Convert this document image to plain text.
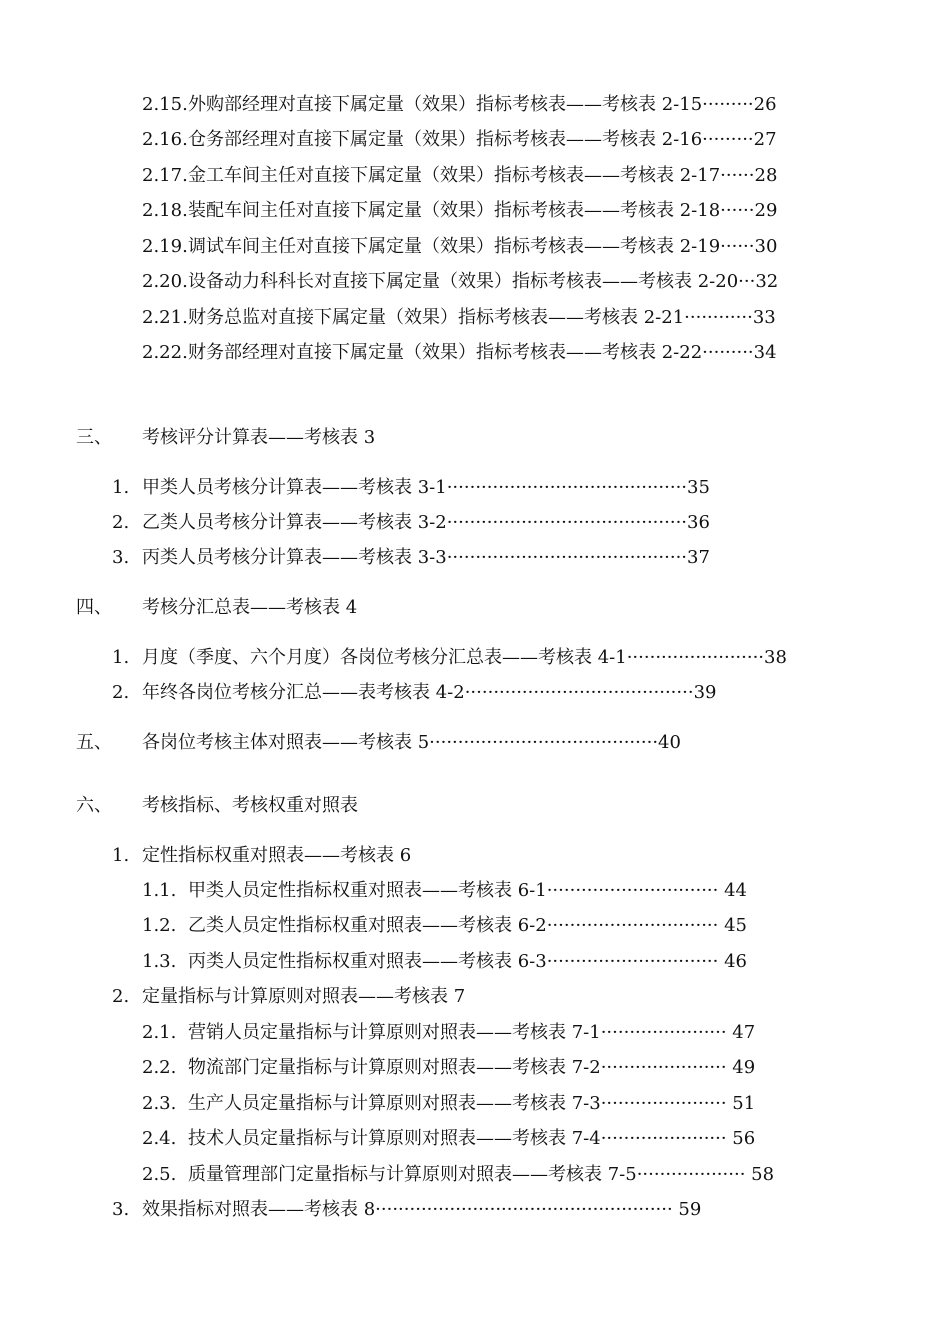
2.15. 外购部经理对直接下属定量（效果）指标考核表——考核表 2-15·········26
2.16. 仓务部经理对直接下属定量（效果）指标考核表——考核表 2-16·········27
2.17. 金工车间主任对直接下属定量（效果）指标考核表——考核表 2-17······28
2.18. 装配车间主任对直接下属定量（效果）指标考核表——考核表 2-18······29
2.19. 调试车间主任对直接下属定量（效果）指标考核表——考核表 2-19······30
2.20. 设备动力科科长对直接下属定量（效果）指标考核表——考核表 2-20···32
2.21. 财务总监对直接下属定量（效果）指标考核表——考核表 2-21············33
2.22. 财务部经理对直接下属定量（效果）指标考核表——考核表 2-22·········34
三、 考核评分计算表——考核表 3
1. 甲类人员考核分计算表——考核表 3-1··········································35
2. 乙类人员考核分计算表——考核表 3-2··········································36
3. 丙类人员考核分计算表——考核表 3-3··········································37
四、 考核分汇总表——考核表 4
1. 月度（季度、六个月度）各岗位考核分汇总表——考核表 4-1························38
2. 年终各岗位考核分汇总——表考核表 4-2········································39
五、 各岗位考核主体对照表——考核表 5········································40
六、 考核指标、考核权重对照表
1. 定性指标权重对照表——考核表 6
1.1. 甲类人员定性指标权重对照表——考核表 6-1······························ 44
1.2. 乙类人员定性指标权重对照表——考核表 6-2······························ 45
1.3. 丙类人员定性指标权重对照表——考核表 6-3······························ 46
2. 定量指标与计算原则对照表——考核表 7
2.1. 营销人员定量指标与计算原则对照表——考核表 7-1······················ 47
2.2. 物流部门定量指标与计算原则对照表——考核表 7-2······················ 49
2.3. 生产人员定量指标与计算原则对照表——考核表 7-3······················ 51
2.4. 技术人员定量指标与计算原则对照表——考核表 7-4······················ 56
2.5. 质量管理部门定量指标与计算原则对照表——考核表 7-5··················· 58
3. 效果指标对照表——考核表 8···················································· 59
